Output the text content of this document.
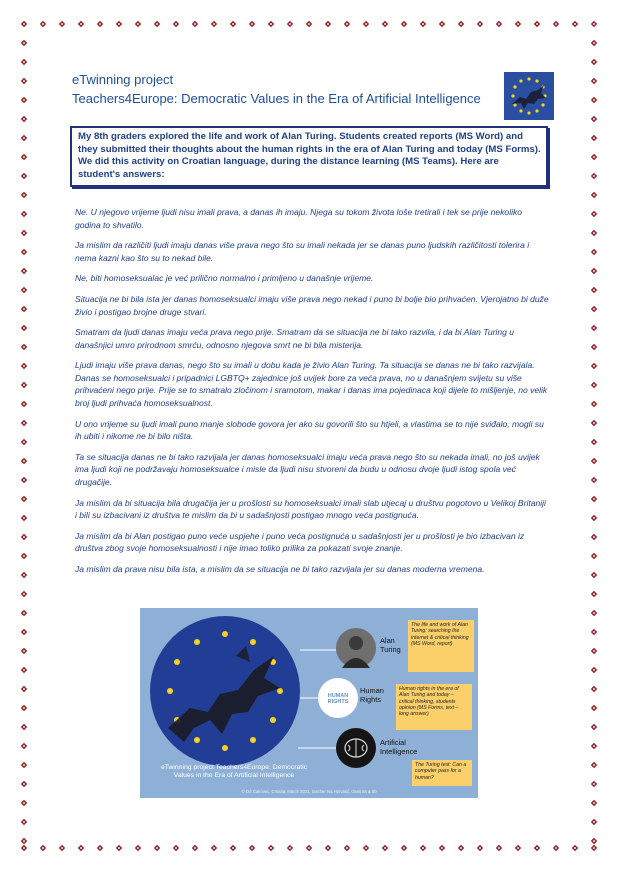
eTwinning project
Teachers4Europe: Democratic Values in the Era of Artificial Intelligence
My 8th graders explored the life and work of Alan Turing. Students created reports (MS Word) and they submitted their thoughts about the human rights in the era of Alan Turing and today (MS Forms). We did this activity on Croatian language, during the distance learning (MS Teams). Here are student's answers:

Ne. U njegovo vrijeme ljudi nisu imali prava, a danas ih imaju. Njega su tokom života loše tretirali i tek se prije nekoliko godina to shvatilo.

Ja mislim da različiti ljudi imaju danas više prava nego što su imali nekada jer se danas puno ljudskih različitosti tolerira i nema kazni kao što su to nekad bile.

Ne, biti homoseksualac je već prilično normalno i primljeno u današnje vrijeme.

Situacija ne bi bila ista jer danas homoseksualci imaju više prava nego nekad i puno bi bolje bio prihvaćen. Vjerojatno bi duže živio i postigao brojne druge stvari.

Smatram da ljudi danas imaju veća prava nego prije. Smatram da se situacija ne bi tako razvila, i da bi Alan Turing u današnjici umro prirodnom smrću, odnosno njegova smrt ne bi bila misterija.

Ljudi imaju više prava danas, nego što su imali u dobu kada je živio Alan Turing. Ta situacija se danas ne bi tako razvijala. Danas se homoseksualci i pripadnici LGBTQ+ zajednice još uvijek bore za veća prava, no u današnjem svijetu su više prihvaćeni nego prije. Prije se to smatralo zločinom i sramotom, makar i danas ima pojedinaca koji dijele to mišljenje, no velik broj ljudi prihvaća homoseksualnost.

U ono vrijeme su ljudi imali puno manje slobode govora jer ako su govorili što su htjeli, a vlastima se to nije sviđalo, mogli su ih ubiti i nikome ne bi bilo ništa.

Ta se situacija danas ne bi tako razvijala jer danas homoseksualci imaju veća prava nego što su nekada imali, no još uvijek ima ljudi koji ne podržavaju homoseksualce i misle da ljudi nisu stvoreni da budu u odnosu dvoje ljudi istog spola već drugačije.

Ja mislim da bi situacija bila drugačija jer u prošlosti su homoseksualci imali slab utjecaj u društvu pogotovo u Velikoj Britaniji i bili su izbacivani iz društva te mislim da bi u sadašnjosti postigao mnogo veća postignuća.

Ja mislim da bi Alan postigao puno veće uspjehe i puno veća postignuća u sadašnjosti jer u prošlosti je bio izbacivan iz društva zbog svoje homoseksualnosti i nije imao toliko prilika za pokazati svoje znanje.

Ja mislim da prava nisu bila ista, a mislim da se situacija ne bi tako razvijala jer su danas moderna vremena.

eTwinning project Teachers4Europe: Democratic Values in the Era of Artificial Intelligence
© OŠ Čakovec, Croatia, March 2021, teacher Iva Horvatić, class 8a & 8b
Alan
Turing
The life and work of Alan Turing: searching the internet & critical thinking (MS Word, report)
HUMAN RIGHTS
Human
Rights
Human rights in the era of Alan Turing and today – critical thinking, students opinion (MS Forms, text – long answer)
Artificial
Intelligence
The Turing test: Can a computer pass for a human?
